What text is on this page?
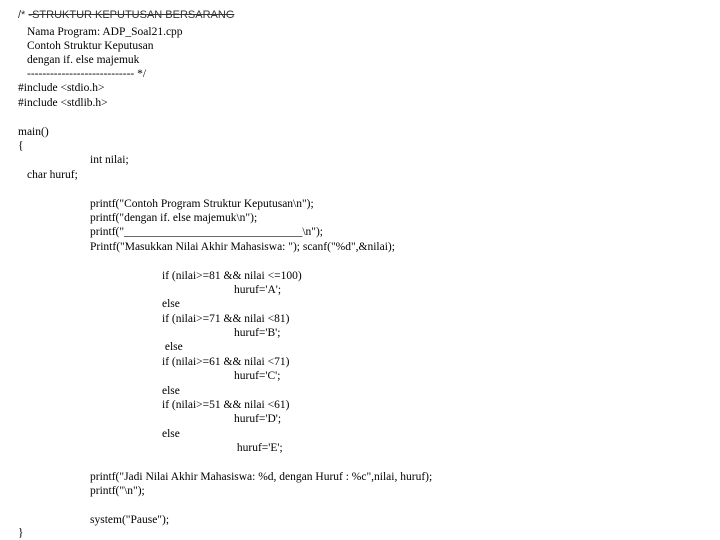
/* -STRUKTUR KEPUTUSAN BERSARANG
Nama Program: ADP_Soal21.cpp
Contoh Struktur Keputusan
dengan if. else majemuk
---------------------------- */
#include <stdio.h>
#include <stdlib.h>
main()
{
int nilai;
char huruf;
printf("Contoh Program Struktur Keputusan\n");
printf("dengan if. else majemuk\n");
printf("_______________________________\n");
Printf("Masukkan Nilai Akhir Mahasiswa: "); scanf("%d",&nilai);
if (nilai>=81 && nilai <=100)
huruf='A';
else
if (nilai>=71 && nilai <81)
huruf='B';
else
if (nilai>=61 && nilai <71)
huruf='C';
else
if (nilai>=51 && nilai <61)
huruf='D';
else
huruf='E';
printf("Jadi Nilai Akhir Mahasiswa: %d, dengan Huruf : %c",nilai, huruf);
printf("\n");
system("Pause");
}
